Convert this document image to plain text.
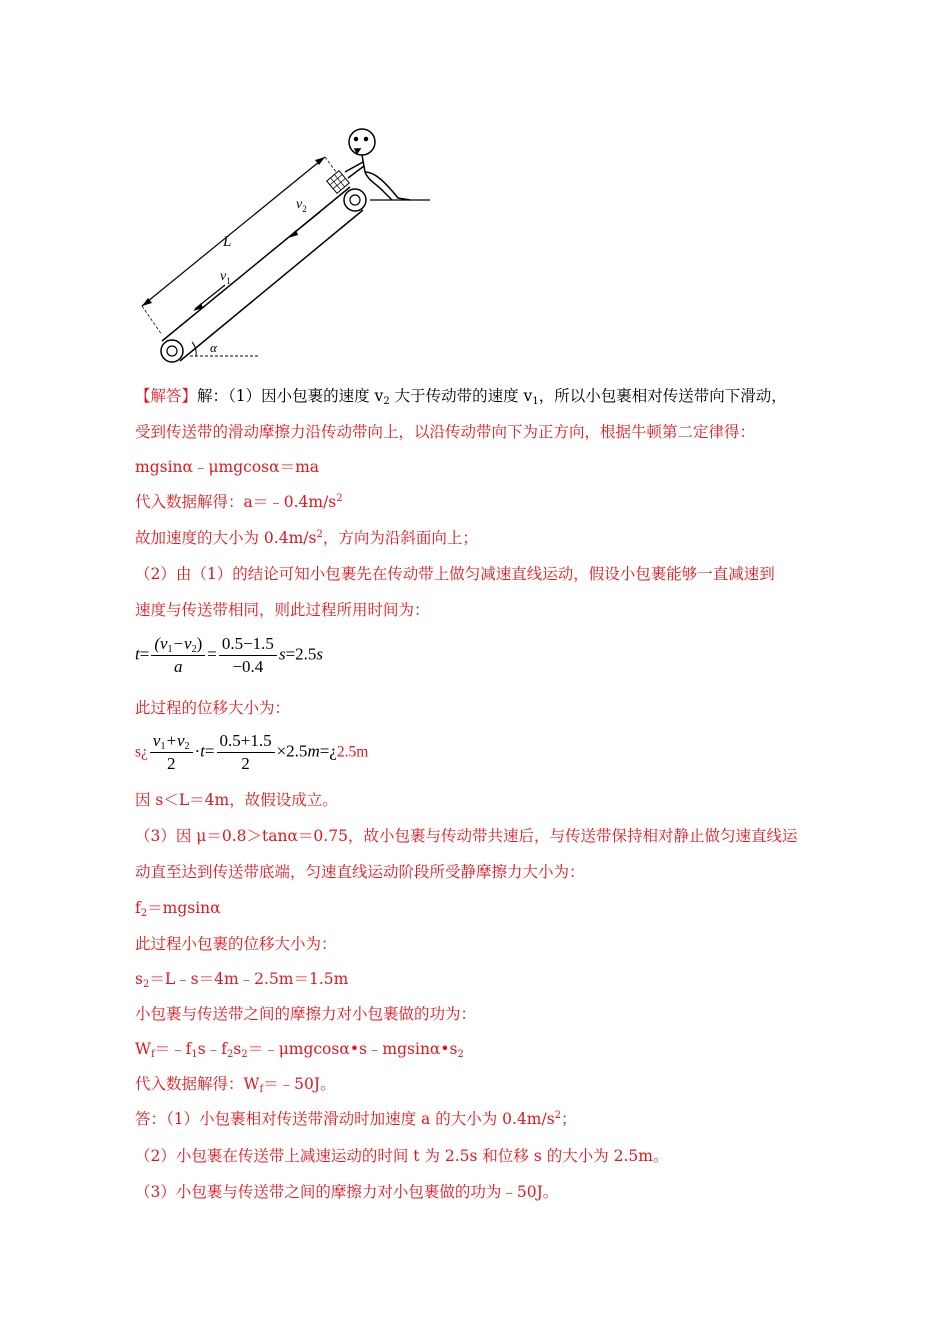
α
L
$v_2$
$v_1$
【解答】解：（1）因小包裹的速度 $v_2$ 大于传动带的速度 $v_1$，所以小包裹相对传送带向下滑动，
受到传送带的滑动摩擦力沿传动带向上，以沿传动带向下为正方向，根据牛顿第二定律得：
mgsinα﹣μmgcosα＝ma
代入数据解得：$a=﹣0.4m/s^2$
故加速度的大小为 $0.4m/s^2$，方向为沿斜面向上；
（2）由（1）的结论可知小包裹先在传动带上做匀减速直线运动，假设小包裹能够一直减速到
速度与传送带相同，则此过程所用时间为：
$t= \frac{(v_1-v_2)}{a} = \frac{0.5-1.5}{-0.4} s=2.5s$
此过程的位移大小为：
s¿ $\frac{v_1+v_2}{2} \cdot t= \frac{0.5+1.5}{2}$ ×2.5m=¿2.5m
因 s＜L＝4m，故假设成立。
（3）因 μ＝0.8＞tanα＝0.75，故小包裹与传动带共速后，与传送带保持相对静止做匀速直线运
动直至达到传送带底端，匀速直线运动阶段所受静摩擦力大小为：
$f_2=mgsin\alpha$
此过程小包裹的位移大小为：
$s_2=L﹣s=4m﹣2.5m=1.5m$
小包裹与传送带之间的摩擦力对小包裹做的功为：
$W_f=﹣f_1s﹣f_2s_2=﹣\mu mgcos\alpha•s﹣mgsin\alpha•s_2$
代入数据解得：$W_f=﹣50J$。
答：（1）小包裹相对传送带滑动时加速度 a 的大小为 $0.4m/s^2$；
（2）小包裹在传送带上减速运动的时间 t 为 2.5s 和位移 s 的大小为 2.5m。
（3）小包裹与传送带之间的摩擦力对小包裹做的功为﹣50J。
